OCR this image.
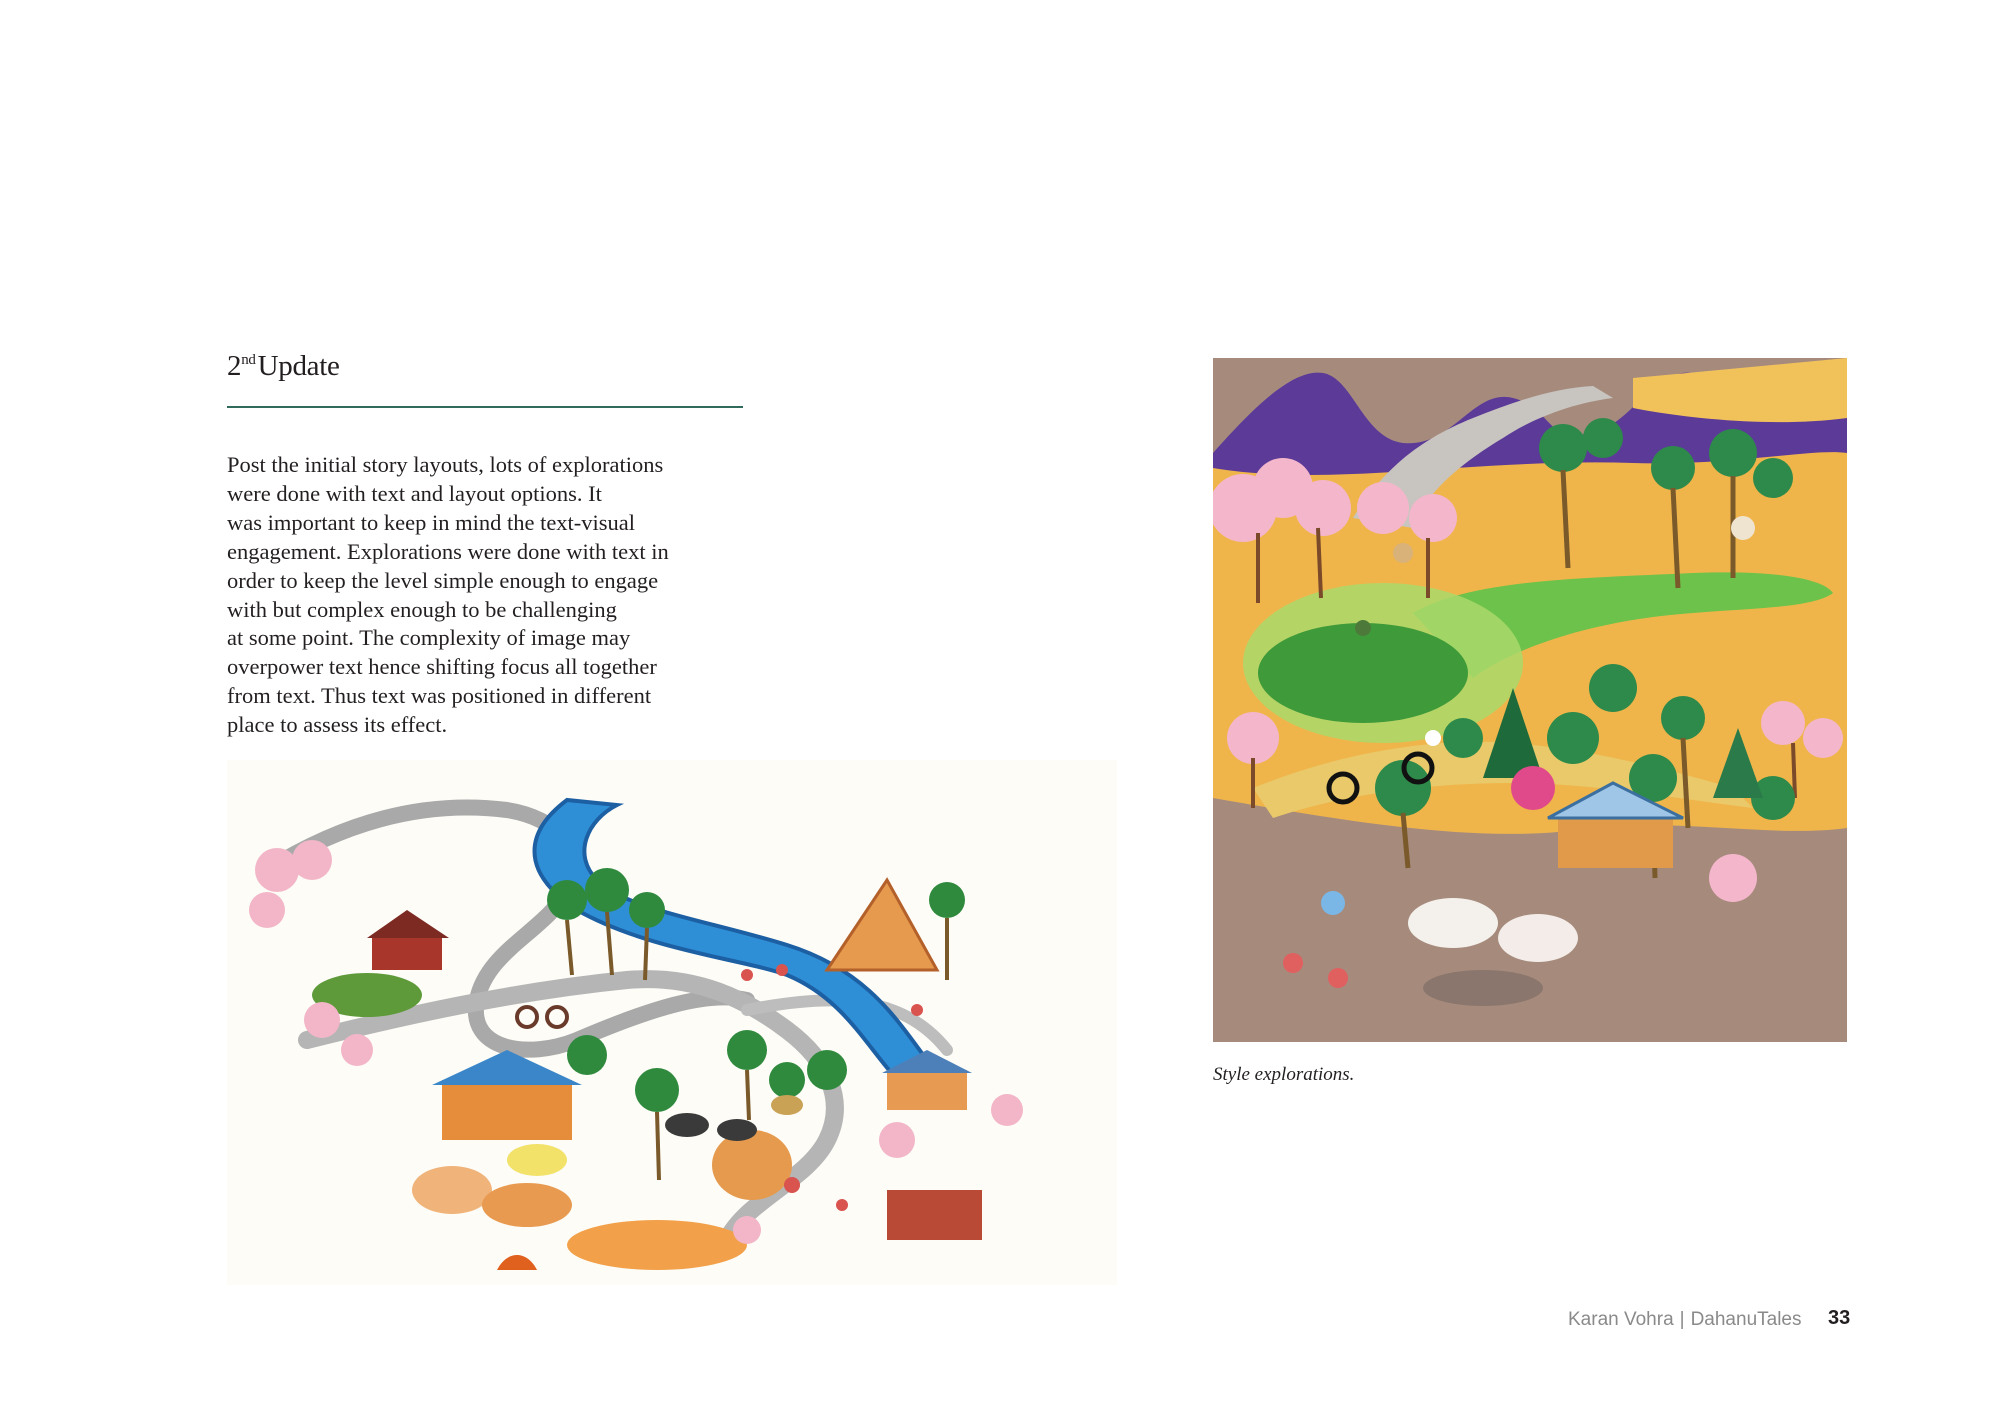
2ndUpdate

Post the initial story layouts, lots of explorations
were done with text and layout options. It
was important to keep in mind the text-visual
engagement. Explorations were done with text in
order to keep the level simple enough to engage
with but complex enough to be challenging
at some point. The complexity of image may
overpower text hence shifting focus all together
from text. Thus text was positioned in different
place to assess its effect.

Style explorations.
Karan Vohra | DahanuTales 33
